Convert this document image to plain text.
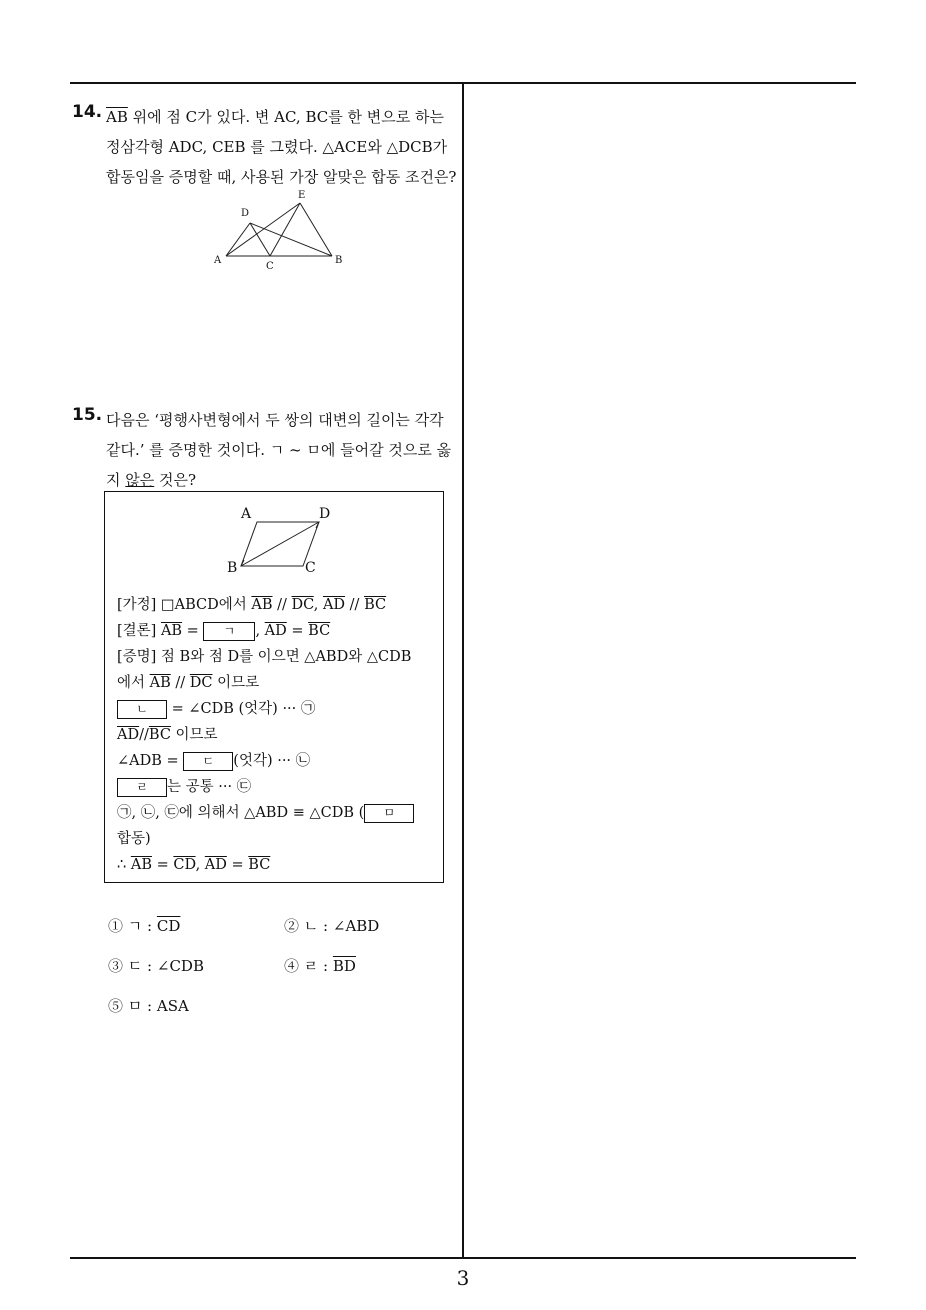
14. $\overline{AB}$ 위에 점 C가 있다. 변 AC, BC를 한 변으로 하는
정삼각형 ADC, CEB 를 그렸다. △ACE와 △DCB가
합동임을 증명할 때, 사용된 가장 알맞은 합동 조건은?
A	B
C
D
E
15. 다음은 ‘평행사변형에서 두 쌍의 대변의 길이는 각각
같다.’ 를 증명한 것이다. ㄱ ~ ㅁ에 들어갈 것으로 옳
지 않은 것은?
A	D
B	C
[가정] □ABCD에서 $\overline{AB} // \overline{DC}$, $\overline{AD} // \overline{BC}$
[결론] $\overline{AB}$ = ㄱ , $\overline{AD} = \overline{BC}$
[증명] 점 B와 점 D를 이으면 △ABD와 △CDB
에서 $\overline{AB} // \overline{DC}$ 이므로
ㄴ = ∠CDB (엇각) ··· ㉠
$\overline{AD}//\overline{BC}$ 이므로
∠ADB = ㄷ (엇각) ··· ㉡
ㄹ 는 공통 ··· ㉢
㉠, ㉡, ㉢에 의해서 △ABD ≡ △CDB ( ㅁ
합동)
∴ $\overline{AB} = \overline{CD}$, $\overline{AD} = \overline{BC}$
① ㄱ : $\overline{CD}$	② ㄴ : ∠ABD
③ ㄷ : ∠CDB	④ ㄹ : $\overline{BD}$
⑤ ㅁ : ASA
3
